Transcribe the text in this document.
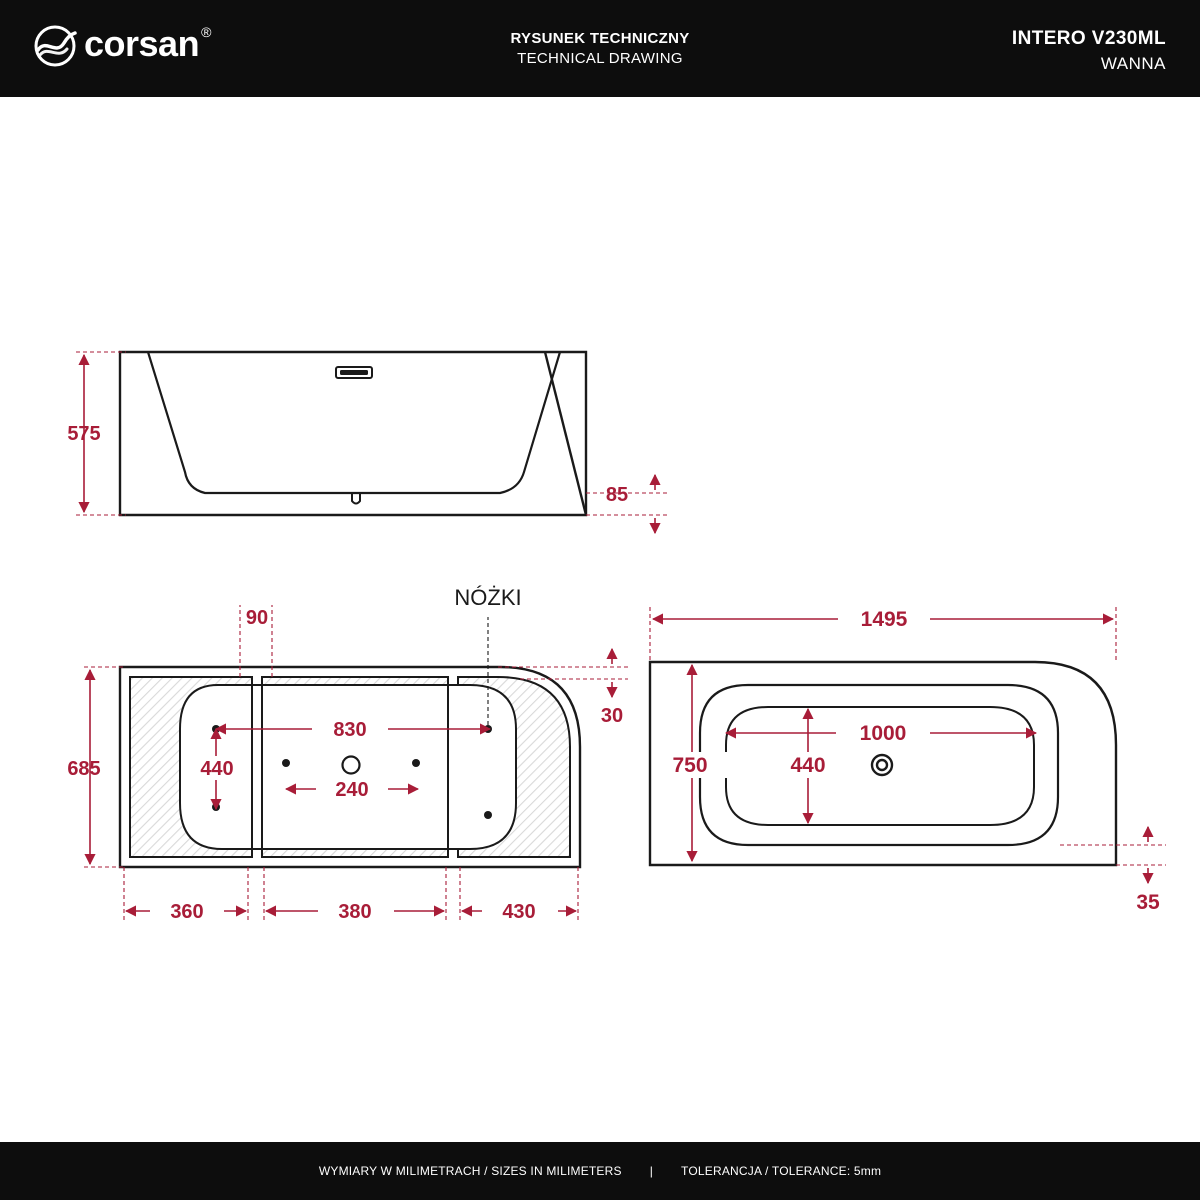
corsan ®	RYSUNEK TECHNICZNY
TECHNICAL DRAWING
INTERO V230ML
WANNA
575
85
NÓŻKI
90
830
440
240
685
30
360	380	430
1495
1000
440
750
35
WYMIARY W MILIMETRACH / SIZES IN MILIMETERS | TOLERANCJA / TOLERANCE: 5mm
